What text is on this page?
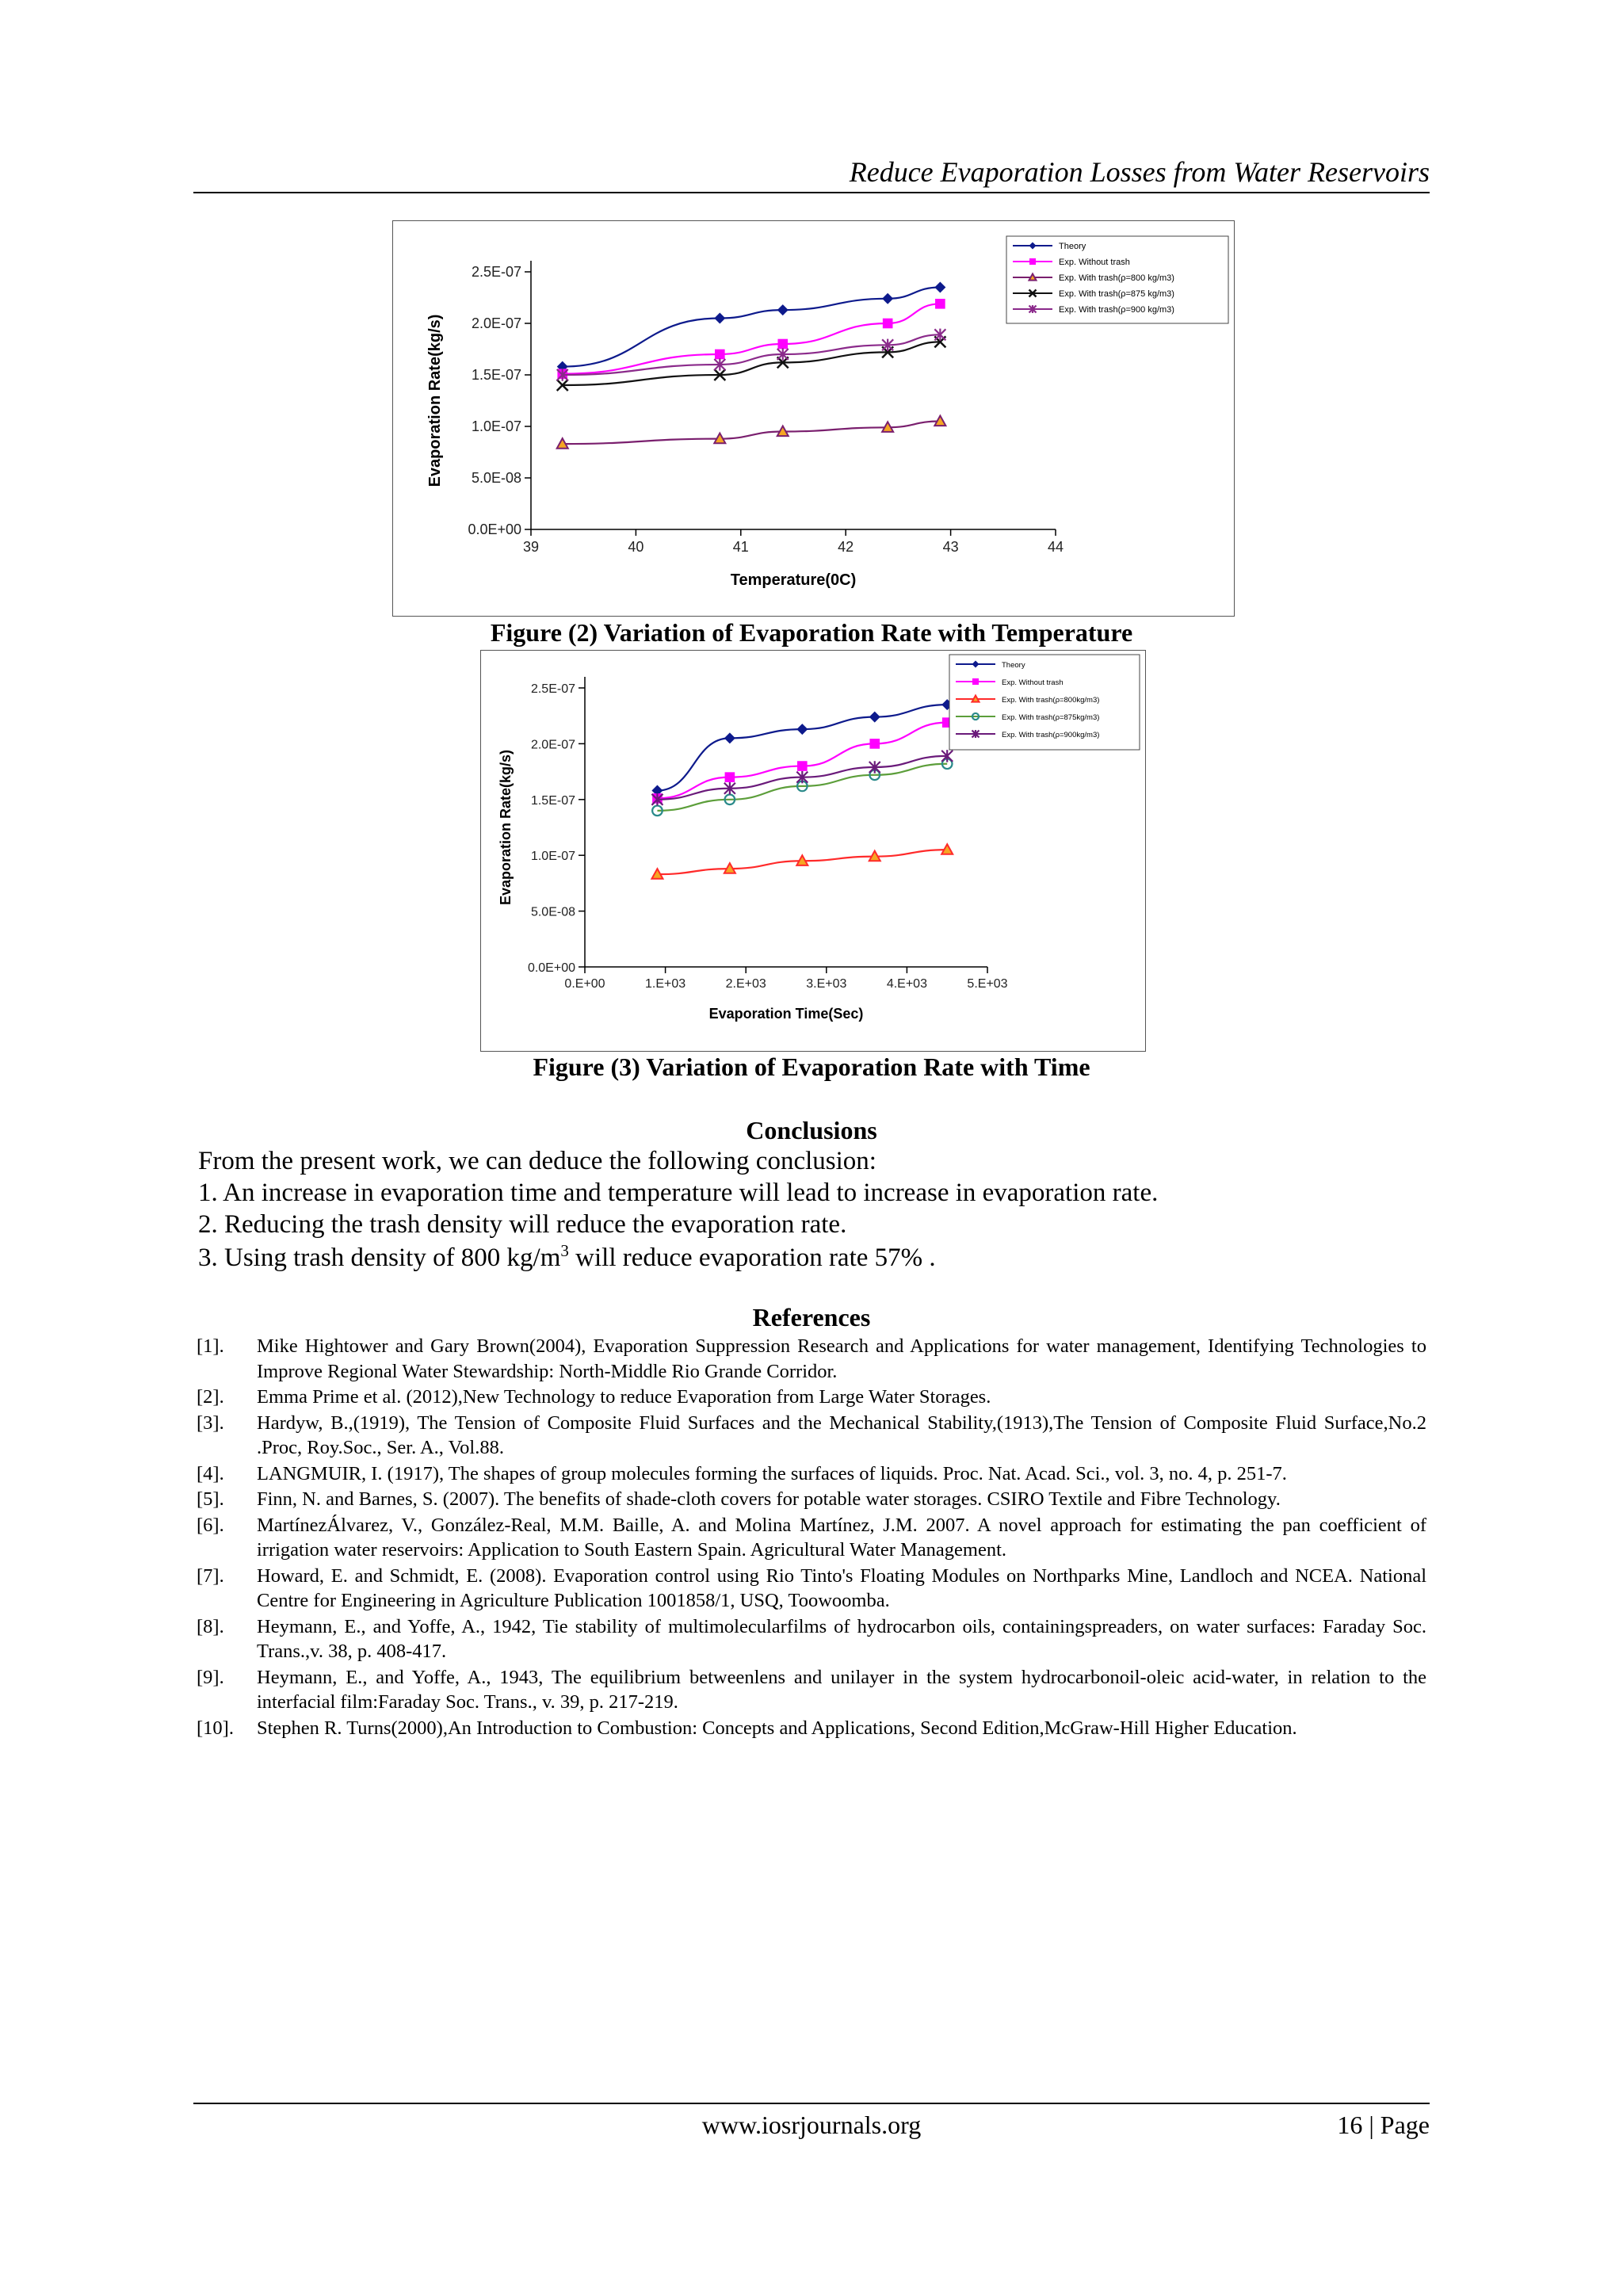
Reduce Evaporation Losses from Water Reservoirs
0.0E+00
5.0E-08
1.0E-07
1.5E-07
2.0E-07
2.5E-07
39	40	41	42	43	44
Temperature(0C)
Evaporation Rate(kg/s)
Theory
Exp. Without trash
Exp. With trash(ρ=800 kg/m3)
Exp. With trash(ρ=875 kg/m3)
Exp. With trash(ρ=900 kg/m3)
Figure (2) Variation of Evaporation Rate with Temperature
0.0E+00
5.0E-08
1.0E-07
1.5E-07
2.0E-07
2.5E-07
0.E+00	1.E+03	2.E+03	3.E+03	4.E+03	5.E+03
Evaporation Time(Sec)
Evaporation Rate(kg/s)
Theory
Exp. Without trash
Exp. With trash(ρ=800kg/m3)
Exp. With trash(ρ=875kg/m3)
Exp. With trash(ρ=900kg/m3)
Figure (3) Variation of Evaporation Rate with Time
Conclusions
From the present work, we can deduce the following conclusion:
1. An increase in evaporation time and temperature will lead to increase in evaporation rate.
2. Reducing the trash density will reduce the evaporation rate.
3. Using trash density of 800 $kg/m^3$ will reduce evaporation rate 57% .
References
[1].	Mike Hightower and Gary Brown(2004), Evaporation Suppression Research and Applications for water management, Identifying Technologies to Improve Regional Water Stewardship: North-Middle Rio Grande Corridor.
[2].	Emma Prime et al. (2012),New Technology to reduce Evaporation from Large Water Storages.
[3].	Hardyw, B.,(1919), The Tension of Composite Fluid Surfaces and the Mechanical Stability,(1913),The Tension of Composite Fluid Surface,No.2 .Proc, Roy.Soc., Ser. A., Vol.88.
[4].	LANGMUIR, I. (1917), The shapes of group molecules forming the surfaces of liquids. Proc. Nat. Acad. Sci., vol. 3, no. 4, p. 251-7.
[5].	Finn, N. and Barnes, S. (2007). The benefits of shade-cloth covers for potable water storages. CSIRO Textile and Fibre Technology.
[6].	MartínezÁlvarez, V., González-Real, M.M. Baille, A. and Molina Martínez, J.M. 2007. A novel approach for estimating the pan coefficient of irrigation water reservoirs: Application to South Eastern Spain. Agricultural Water Management.
[7].	Howard, E. and Schmidt, E. (2008). Evaporation control using Rio Tinto's Floating Modules on Northparks Mine, Landloch and NCEA. National Centre for Engineering in Agriculture Publication 1001858/1, USQ, Toowoomba.
[8].	Heymann, E., and Yoffe, A., 1942, Tie stability of multimolecularfilms of hydrocarbon oils, containingspreaders, on water surfaces: Faraday Soc. Trans.,v. 38, p. 408-417.
[9].	Heymann, E., and Yoffe, A., 1943, The equilibrium betweenlens and unilayer in the system hydrocarbonoil-oleic acid-water, in relation to the interfacial film:Faraday Soc. Trans., v. 39, p. 217-219.
[10].	Stephen R. Turns(2000),An Introduction to Combustion: Concepts and Applications, Second Edition,McGraw-Hill Higher Education.
www.iosrjournals.org	16 | Page
